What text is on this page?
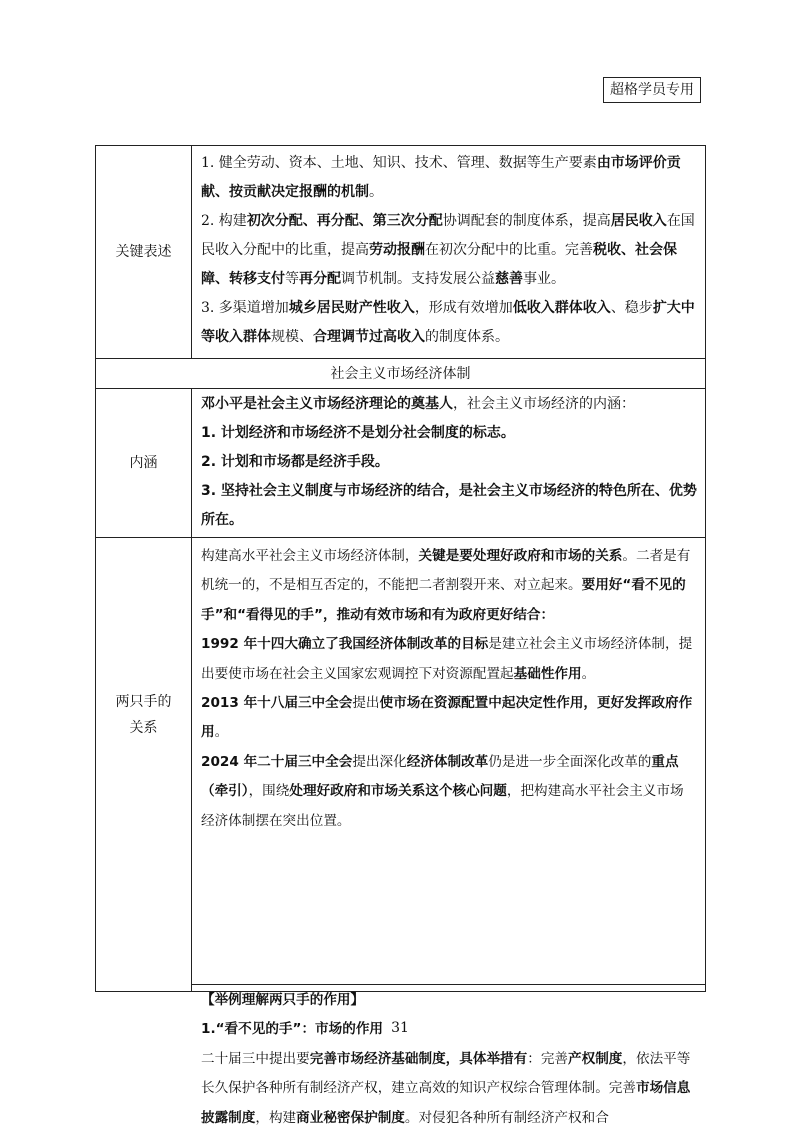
超格学员专用
关键表述
1. 健全劳动、资本、土地、知识、技术、管理、数据等生产要素由市场评价贡献、按贡献决定报酬的机制。
2. 构建初次分配、再分配、第三次分配协调配套的制度体系，提高居民收入在国民收入分配中的比重，提高劳动报酬在初次分配中的比重。完善税收、社会保障、转移支付等再分配调节机制。支持发展公益慈善事业。
3. 多渠道增加城乡居民财产性收入，形成有效增加低收入群体收入、稳步扩大中等收入群体规模、合理调节过高收入的制度体系。
社会主义市场经济体制
内涵
邓小平是社会主义市场经济理论的奠基人，社会主义市场经济的内涵：
1. 计划经济和市场经济不是划分社会制度的标志。
2. 计划和市场都是经济手段。
3. 坚持社会主义制度与市场经济的结合，是社会主义市场经济的特色所在、优势所在。
两只手的
关系
构建高水平社会主义市场经济体制，关键是要处理好政府和市场的关系。二者是有机统一的，不是相互否定的，不能把二者割裂开来、对立起来。要用好“看不见的手”和“看得见的手”，推动有效市场和有为政府更好结合：
1992 年十四大确立了我国经济体制改革的目标是建立社会主义市场经济体制，提出要使市场在社会主义国家宏观调控下对资源配置起基础性作用。
2013 年十八届三中全会提出使市场在资源配置中起决定性作用，更好发挥政府作用。
2024 年二十届三中全会提出深化经济体制改革仍是进一步全面深化改革的重点（牵引），围绕处理好政府和市场关系这个核心问题，把构建高水平社会主义市场经济体制摆在突出位置。
【举例理解两只手的作用】
1.“看不见的手”：市场的作用
二十届三中提出要完善市场经济基础制度，具体举措有：完善产权制度，依法平等长久保护各种所有制经济产权，建立高效的知识产权综合管理体制。完善市场信息披露制度，构建商业秘密保护制度。对侵犯各种所有制经济产权和合
31
